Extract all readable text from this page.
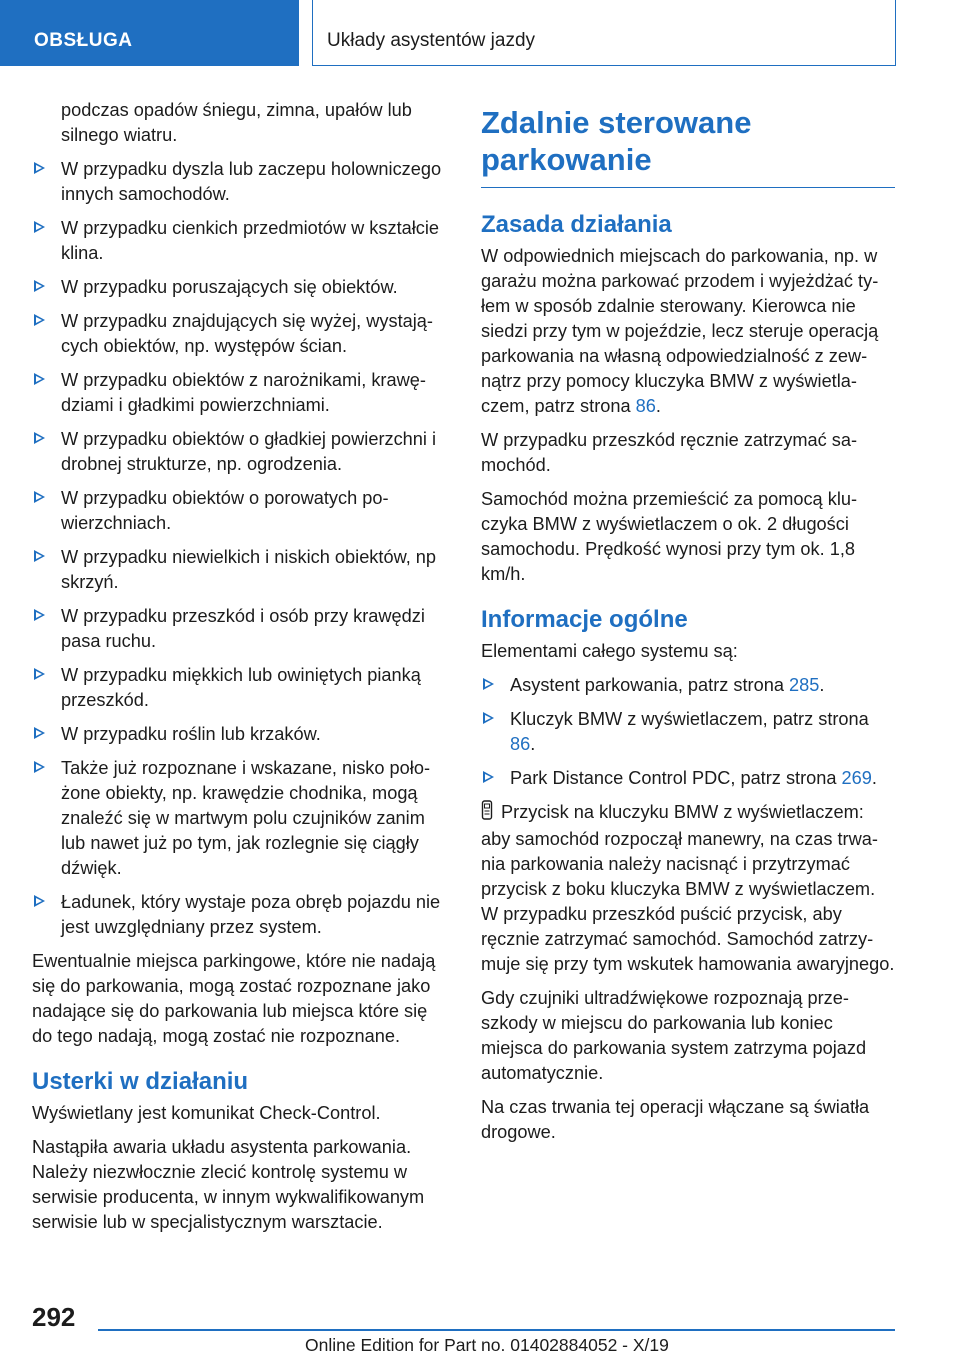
OBSŁUGA	Układy asystentów jazdy

podczas opadów śniegu, zimna, upałów lub silnego wiatru.

W przypadku dyszla lub zaczepu holowniczego innych samochodów.
W przypadku cienkich przedmiotów w kształcie klina.
W przypadku poruszających się obiektów.
W przypadku znajdujących się wyżej, wystających obiektów, np. występów ścian.
W przypadku obiektów z narożnikami, krawędziami i gładkimi powierzchniami.
W przypadku obiektów o gładkiej powierzchni i drobnej strukturze, np. ogrodzenia.
W przypadku obiektów o porowatych powierzchniach.
W przypadku niewielkich i niskich obiektów, np skrzyń.
W przypadku przeszkód i osób przy krawędzi pasa ruchu.
W przypadku miękkich lub owiniętych pianką przeszkód.
W przypadku roślin lub krzaków.
Także już rozpoznane i wskazane, nisko położone obiekty, np. krawędzie chodnika, mogą znaleźć się w martwym polu czujników zanim lub nawet już po tym, jak rozlegnie się ciągły dźwięk.
Ładunek, który wystaje poza obręb pojazdu nie jest uwzględniany przez system.

Ewentualnie miejsca parkingowe, które nie nadają się do parkowania, mogą zostać rozpoznane jako nadające się do parkowania lub miejsca które się do tego nadają, mogą zostać nie rozpoznane.

Usterki w działaniu

Wyświetlany jest komunikat Check-Control.

Nastąpiła awaria układu asystenta parkowania. Należy niezwłocznie zlecić kontrolę systemu w serwisie producenta, w innym wykwalifikowanym serwisie lub w specjalistycznym warsztacie.

Zdalnie sterowane parkowanie
Zasada działania

W odpowiednich miejscach do parkowania, np. w garażu można parkować przodem i wyjeżdżać tyłem w sposób zdalnie sterowany. Kierowca nie siedzi przy tym w pojeździe, lecz steruje operacją parkowania na własną odpowiedzialność z zewnątrz przy pomocy kluczyka BMW z wyświetlaczem, patrz strona 86.

W przypadku przeszkód ręcznie zatrzymać samochód.

Samochód można przemieścić za pomocą kluczyka BMW z wyświetlaczem o ok. 2 długości samochodu. Prędkość wynosi przy tym ok. 1,8 km/h.

Informacje ogólne

Elementami całego systemu są:

Asystent parkowania, patrz strona 285.
Kluczyk BMW z wyświetlaczem, patrz strona 86.
Park Distance Control PDC, patrz strona 269.

Przycisk na kluczyku BMW z wyświetlaczem: aby samochód rozpoczął manewry, na czas trwania parkowania należy nacisnąć i przytrzymać przycisk z boku kluczyka BMW z wyświetlaczem. W przypadku przeszkód puścić przycisk, aby ręcznie zatrzymać samochód. Samochód zatrzymuje się przy tym wskutek hamowania awaryjnego.

Gdy czujniki ultradźwiękowe rozpoznają przeszkody w miejscu do parkowania lub koniec miejsca do parkowania system zatrzyma pojazd automatycznie.

Na czas trwania tej operacji włączane są światła drogowe.

292
Online Edition for Part no. 01402884052 - X/19
